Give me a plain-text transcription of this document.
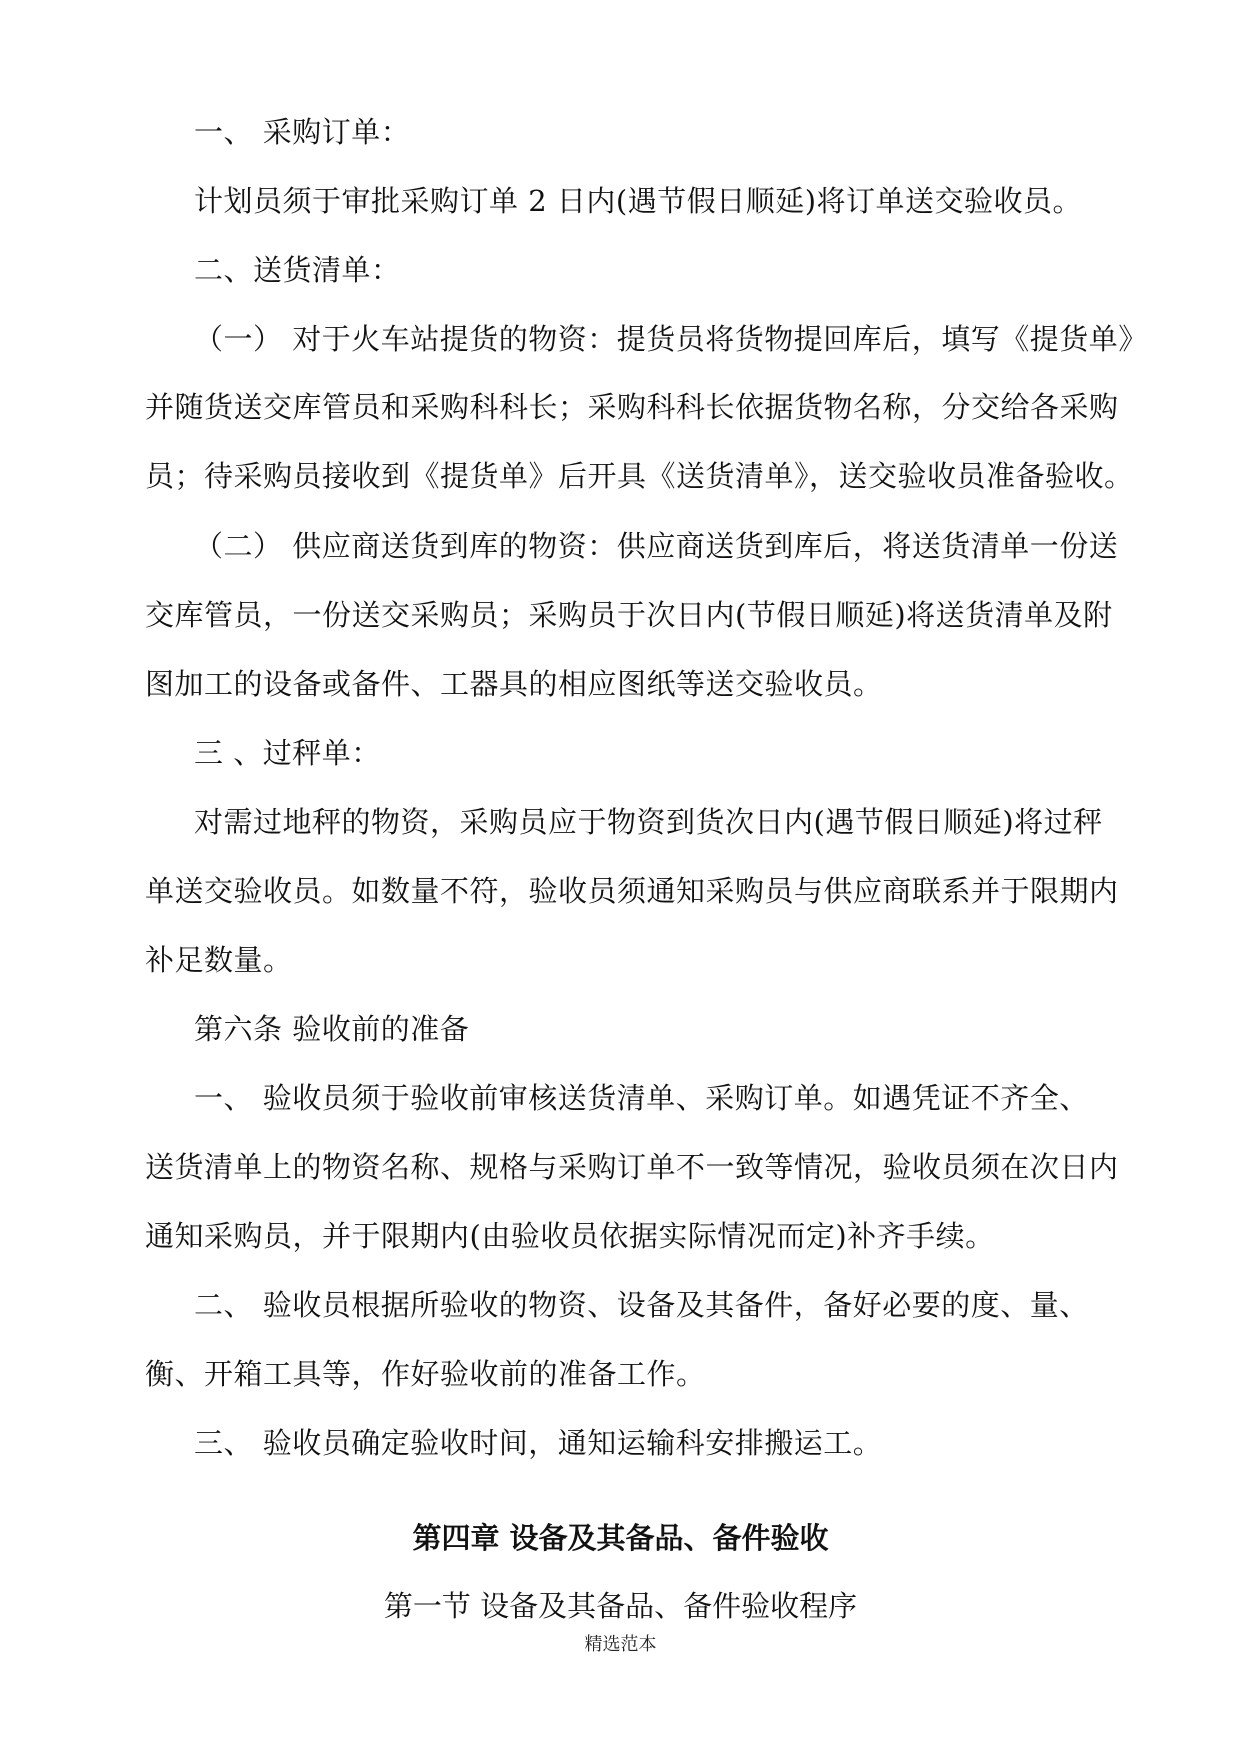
一、 采购订单：
计划员须于审批采购订单 2 日内(遇节假日顺延)将订单送交验收员。
二、送货清单：
（一） 对于火车站提货的物资：提货员将货物提回库后，填写《提货单》
并随货送交库管员和采购科科长；采购科科长依据货物名称，分交给各采购
员；待采购员接收到《提货单》后开具《送货清单》，送交验收员准备验收。
（二） 供应商送货到库的物资：供应商送货到库后，将送货清单一份送
交库管员，一份送交采购员；采购员于次日内(节假日顺延)将送货清单及附
图加工的设备或备件、工器具的相应图纸等送交验收员。
三 、过秤单：
对需过地秤的物资，采购员应于物资到货次日内(遇节假日顺延)将过秤
单送交验收员。如数量不符，验收员须通知采购员与供应商联系并于限期内
补足数量。
第六条 验收前的准备
一、 验收员须于验收前审核送货清单、采购订单。如遇凭证不齐全、
送货清单上的物资名称、规格与采购订单不一致等情况，验收员须在次日内
通知采购员，并于限期内(由验收员依据实际情况而定)补齐手续。
二、 验收员根据所验收的物资、设备及其备件，备好必要的度、量、
衡、开箱工具等，作好验收前的准备工作。
三、 验收员确定验收时间，通知运输科安排搬运工。
第四章 设备及其备品、备件验收
第一节 设备及其备品、备件验收程序
精选范本
